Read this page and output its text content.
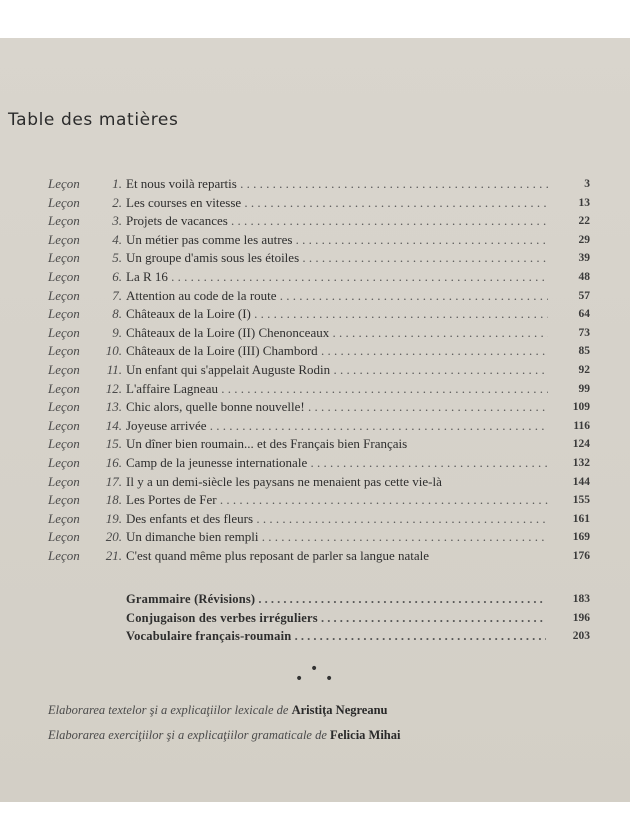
Table des matières
Leçon	1. Et nous voilà repartis . . .	3
Leçon	2. Les courses en vitesse . . .	13
Leçon	3. Projets de vacances . . .	22
Leçon	4. Un métier pas comme les autres . . .	29
Leçon	5. Un groupe d'amis sous les étoiles . . .	39
Leçon	6. La R 16 . . .	48
Leçon	7. Attention au code de la route . . .	57
Leçon	8. Châteaux de la Loire (I) . . .	64
Leçon	9. Châteaux de la Loire (II) Chenonceaux . . .	73
Leçon	10. Châteaux de la Loire (III) Chambord . . .	85
Leçon	11. Un enfant qui s'appelait Auguste Rodin . . .	92
Leçon	12. L'affaire Lagneau . . .	99
Leçon	13. Chic alors, quelle bonne nouvelle! . . .	109
Leçon	14. Joyeuse arrivée . . .	116
Leçon	15. Un dîner bien roumain... et des Français bien Français	124
Leçon	16. Camp de la jeunesse internationale . . .	132
Leçon	17. Il y a un demi-siècle les paysans ne menaient pas cette vie-là	144
Leçon	18. Les Portes de Fer . . .	155
Leçon	19. Des enfants et des fleurs . . .	161
Leçon	20. Un dimanche bien rempli . . .	169
Leçon	21. C'est quand même plus reposant de parler sa langue natale	176
Grammaire (Révisions) . . .	183
Conjugaison des verbes irréguliers . . .	196
Vocabulaire français-roumain . . .	203
•
•
•
Elaborarea textelor şi a explicaţiilor lexicale de Aristiţa Negreanu
Elaborarea exerciţiilor şi a explicaţiilor gramaticale de Felicia Mihai
